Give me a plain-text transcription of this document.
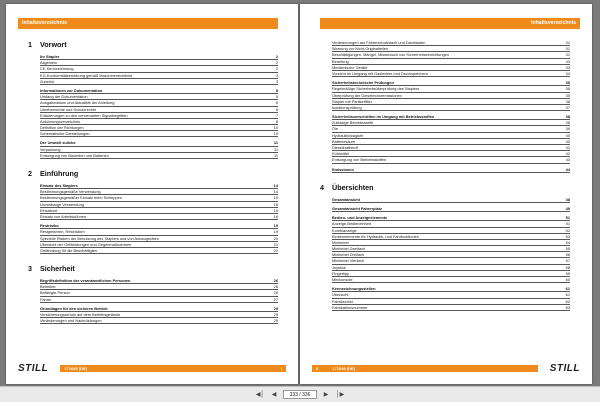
Inhaltsverzeichnis
1 Vorwort
Ihr Stapler	2
Allgemein	2
CE-Kennzeichnung	2
EG-Konformitätserklärung gemäß Maschinenrichtlinie	3
Zubehör	3
Informationen zur Dokumentation	5
Umfang der Dokumentation	5
Ausgabedatum und Aktualität der Anleitung	6
Urheberrechte und Schutzrechte	6
Erläuterungen zu den verwendeten Signalbegriffen	7
Abkürzungsverzeichnis	8
Definition der Richtungen	10
Schematische Darstellungen	10
Der Umwelt zuliebe	11
Verpackung	11
Entsorgung von Bauteilen und Batterien	11
2 Einführung
Einsatz des Staplers	14
Bestimmungsgemäße Verwendung	14
Bestimmungsgemäßer Einsatz beim Schleppen	15
Unzulässige Verwendung	16
Einsatzort	16
Einsatz von Arbeitsbühnen	18
Restrisiko	19
Restgefahren, Restrisiken	19
Spezielle Risiken der Benutzung des Staplers und von Anbaugeräten	20
Übersicht der Gefährdungen und Gegenmaßnahmen	21
Gefährdung für die Beschäftigten	22
3 Sicherheit
Begriffsdefinition der verantwortlichen Personen	26
Betreiber	26
Befähigte Person	26
Fahrer	27
Grundlagen für den sicheren Betrieb	29
Versicherungsschutz auf dem Betriebsgelände	29
Veränderungen und Nachrüstungen	29
STILL	171649 [DE]	I
Inhaltsverzeichnis
Veränderungen am Fahrerschutzdach und Dachlasten	31
Warnung vor Nicht-Originalteilen	31
Beschädigungen, Mängel, Missbrauch von Sicherheitseinrichtungen	31
Bereifung	33
Medizinische Geräte	33
Vorsicht im Umgang mit Gasfedern und Druckspeichern	34
Sicherheitstechnische Prüfungen	35
Regelmäßige Sicherheitsüberprüfung des Staplers	35
Überprüfung der Dieselmotoremissionen	35
Stapler mit Partikelfilter	36
Isolationsprüfung	37
Sicherheitsvorschriften im Umgang mit Betriebsstoffen	38
Zulässige Betriebsstoffe	38
Öle	39
Hydrauliküssigkeit	40
Batteriesäure	40
Dieselkraftstoff	41
Kühlmittel	42
Entsorgung von Betriebsstoffen	43
Emissionen	44
4 Übersichten
Gesamtansicht	48
Gesamtansicht Fahrerplatz	49
Bedien- und Anzeigeelemente	51
Anzeige-Bedieneinheit	51
Kombianzeige	52
Bedienelemente für Hydraulik- und Fahrfunktionen	53
Minihebel	54
Minihebel Zweifach	55
Minihebel Dreifach	56
Minihebel Vierfach	57
Joystick	58
Fingertipp	59
Minikonsole	60
Kennzeichnungsstellen	61
Übersicht	61
Fabrikschild	62
Fabrikationsnummer	63
II	171649 [DE]	STILL
◀│	◀	333 / 336	▶	│▶
